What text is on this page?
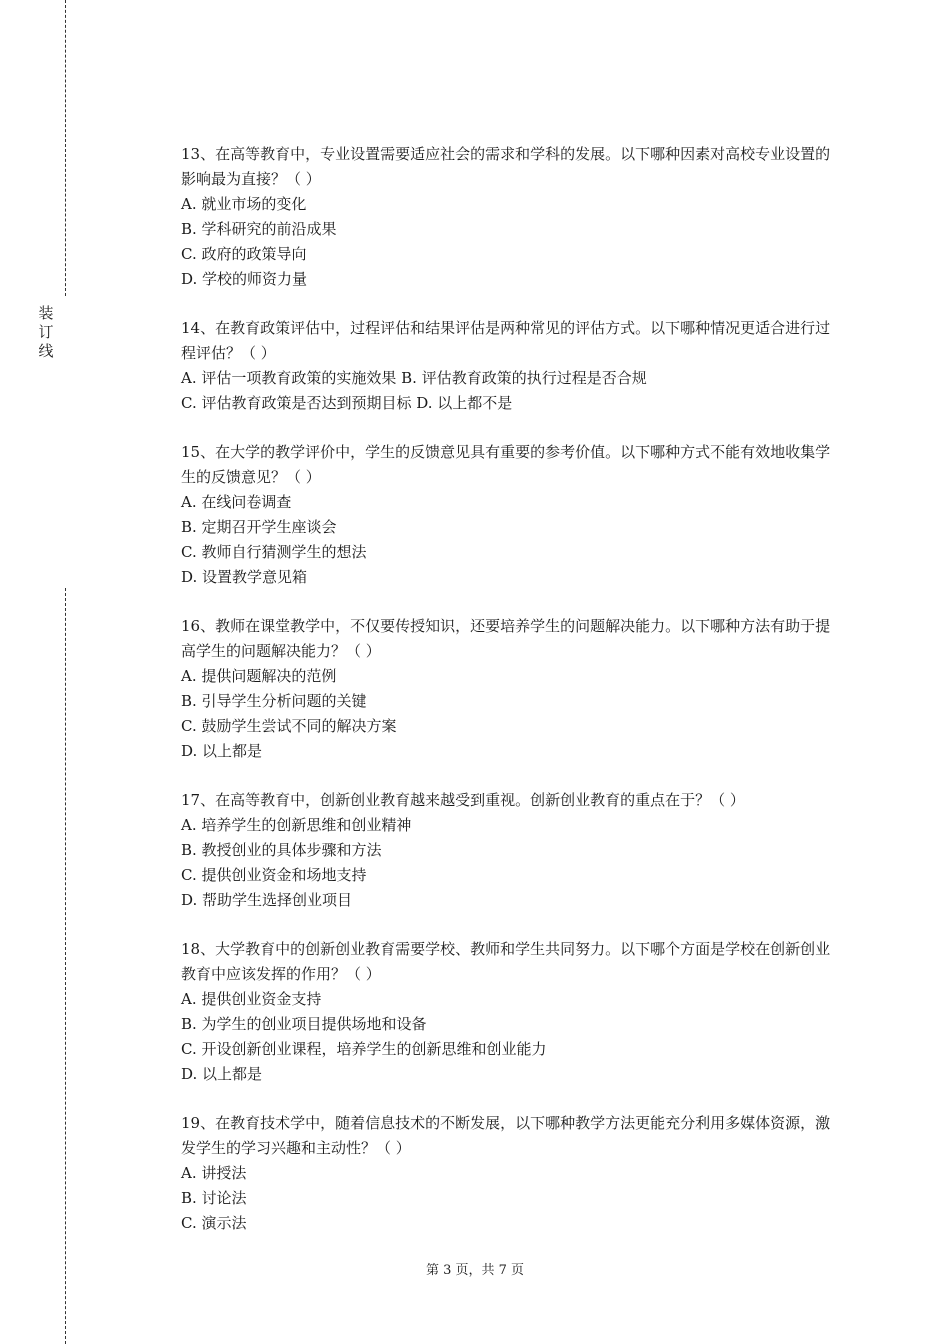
装订线
13、在高等教育中，专业设置需要适应社会的需求和学科的发展。以下哪种因素对高校专业设置的影响最为直接？（ ）
A. 就业市场的变化
B. 学科研究的前沿成果
C. 政府的政策导向
D. 学校的师资力量
14、在教育政策评估中，过程评估和结果评估是两种常见的评估方式。以下哪种情况更适合进行过程评估？（ ）
A. 评估一项教育政策的实施效果 B. 评估教育政策的执行过程是否合规
C. 评估教育政策是否达到预期目标 D. 以上都不是
15、在大学的教学评价中，学生的反馈意见具有重要的参考价值。以下哪种方式不能有效地收集学生的反馈意见？（ ）
A. 在线问卷调查
B. 定期召开学生座谈会
C. 教师自行猜测学生的想法
D. 设置教学意见箱
16、教师在课堂教学中，不仅要传授知识，还要培养学生的问题解决能力。以下哪种方法有助于提高学生的问题解决能力？（ ）
A. 提供问题解决的范例
B. 引导学生分析问题的关键
C. 鼓励学生尝试不同的解决方案
D. 以上都是
17、在高等教育中，创新创业教育越来越受到重视。创新创业教育的重点在于？（ ）
A. 培养学生的创新思维和创业精神
B. 教授创业的具体步骤和方法
C. 提供创业资金和场地支持
D. 帮助学生选择创业项目
18、大学教育中的创新创业教育需要学校、教师和学生共同努力。以下哪个方面是学校在创新创业教育中应该发挥的作用？（ ）
A. 提供创业资金支持
B. 为学生的创业项目提供场地和设备
C. 开设创新创业课程，培养学生的创新思维和创业能力
D. 以上都是
19、在教育技术学中，随着信息技术的不断发展，以下哪种教学方法更能充分利用多媒体资源，激发学生的学习兴趣和主动性？（ ）
A. 讲授法
B. 讨论法
C. 演示法
第 3 页，共 7 页
